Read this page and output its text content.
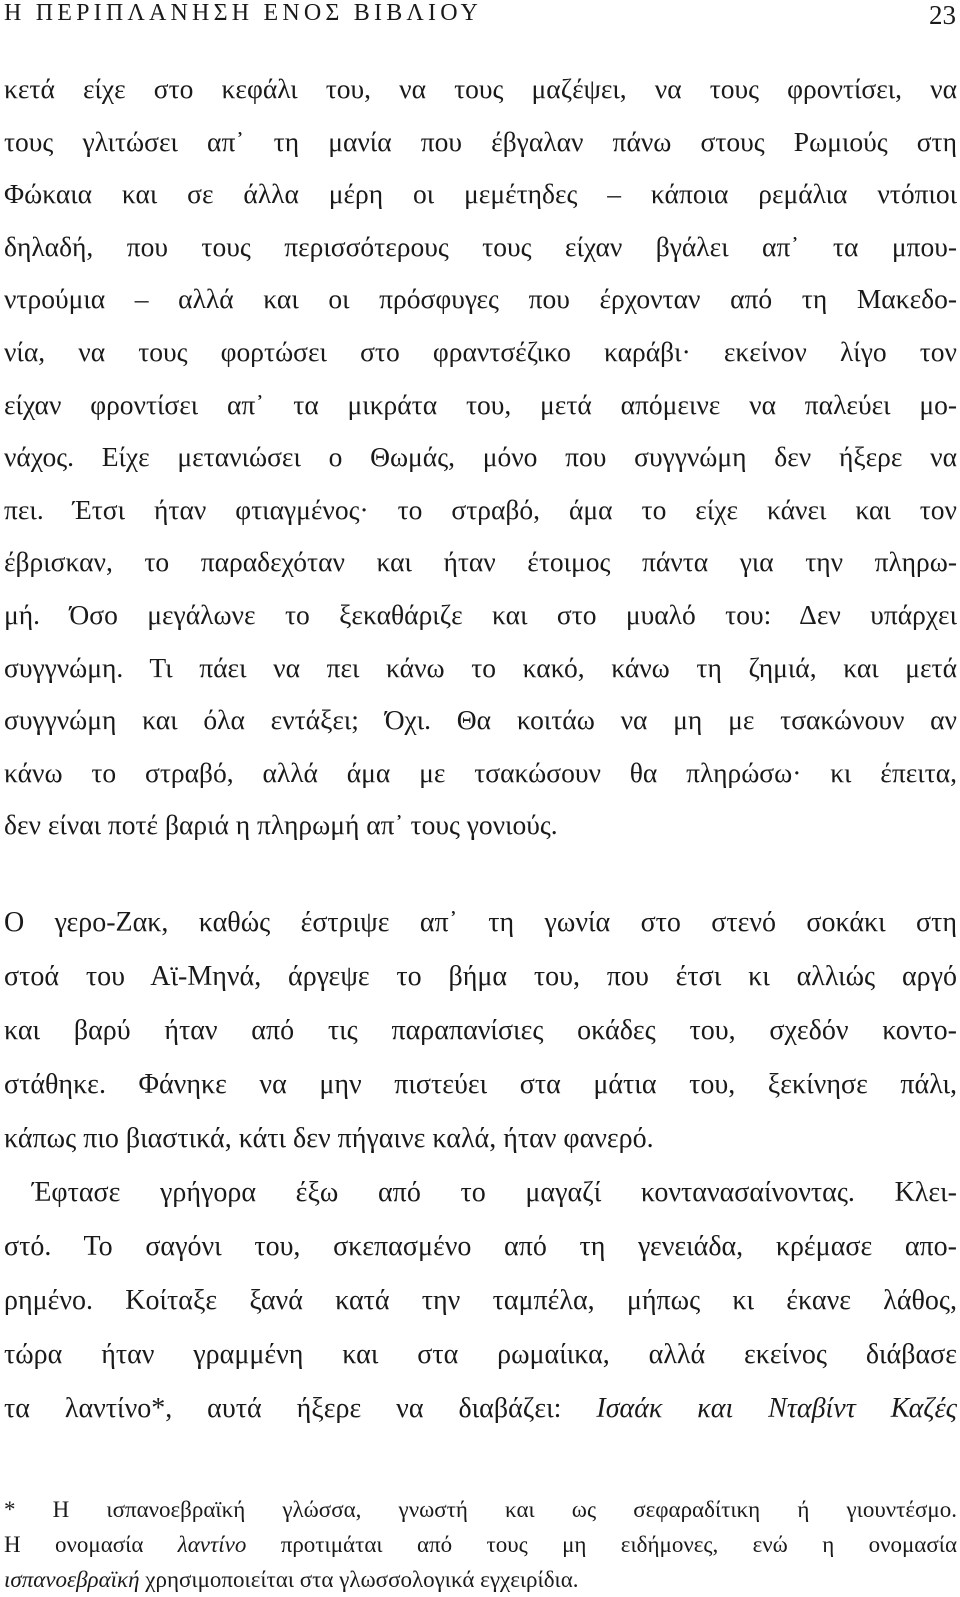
Η ΠΕΡΙΠΛΑΝΗΣΗ ΕΝΟΣ ΒΙΒΛΙΟΥ	23
κετά είχε στο κεφάλι του, να τους μαζέψει, να τους φροντίσει, να
τους γλιτώσει απ᾽ τη μανία που έβγαλαν πάνω στους Ρωμιούς στη
Φώκαια και σε άλλα μέρη οι μεμέτηδες – κάποια ρεμάλια ντόπιοι
δηλαδή, που τους περισσότερους τους είχαν βγάλει απ᾽ τα μπου-
ντρούμια – αλλά και οι πρόσφυγες που έρχονταν από τη Μακεδο-
νία, να τους φορτώσει στο φραντσέζικο καράβι· εκείνον λίγο τον
είχαν φροντίσει απ᾽ τα μικράτα του, μετά απόμεινε να παλεύει μο-
νάχος. Είχε μετανιώσει ο Θωμάς, μόνο που συγγνώμη δεν ήξερε να
πει. Έτσι ήταν φτιαγμένος· το στραβό, άμα το είχε κάνει και τον
έβρισκαν, το παραδεχόταν και ήταν έτοιμος πάντα για την πληρω-
μή. Όσο μεγάλωνε το ξεκαθάριζε και στο μυαλό του: Δεν υπάρχει
συγγνώμη. Τι πάει να πει κάνω το κακό, κάνω τη ζημιά, και μετά
συγγνώμη και όλα εντάξει; Όχι. Θα κοιτάω να μη με τσακώνουν αν
κάνω το στραβό, αλλά άμα με τσακώσουν θα πληρώσω· κι έπειτα,
δεν είναι ποτέ βαριά η πληρωμή απ᾽ τους γονιούς.
Ο γερο-Ζακ, καθώς έστριψε απ᾽ τη γωνία στο στενό σοκάκι στη
στοά του Αϊ-Μηνά, άργεψε το βήμα του, που έτσι κι αλλιώς αργό
και βαρύ ήταν από τις παραπανίσιες οκάδες του, σχεδόν κοντο-
στάθηκε. Φάνηκε να μην πιστεύει στα μάτια του, ξεκίνησε πάλι,
κάπως πιο βιαστικά, κάτι δεν πήγαινε καλά, ήταν φανερό.
Έφτασε γρήγορα έξω από το μαγαζί κοντανασαίνοντας. Κλει-
στό. Το σαγόνι του, σκεπασμένο από τη γενειάδα, κρέμασε απο-
ρημένο. Κοίταξε ξανά κατά την ταμπέλα, μήπως κι έκανε λάθος,
τώρα ήταν γραμμένη και στα ρωμαίικα, αλλά εκείνος διάβασε
τα λαντίνο*, αυτά ήξερε να διαβάζει: Ισαάκ και Νταβίντ Καζές
* Η ισπανοεβραϊκή γλώσσα, γνωστή και ως σεφαραδίτικη ή γιουντέσμο.
Η ονομασία λαντίνο προτιμάται από τους μη ειδήμονες, ενώ η ονομασία
ισπανοεβραϊκή χρησιμοποιείται στα γλωσσολογικά εγχειρίδια.
